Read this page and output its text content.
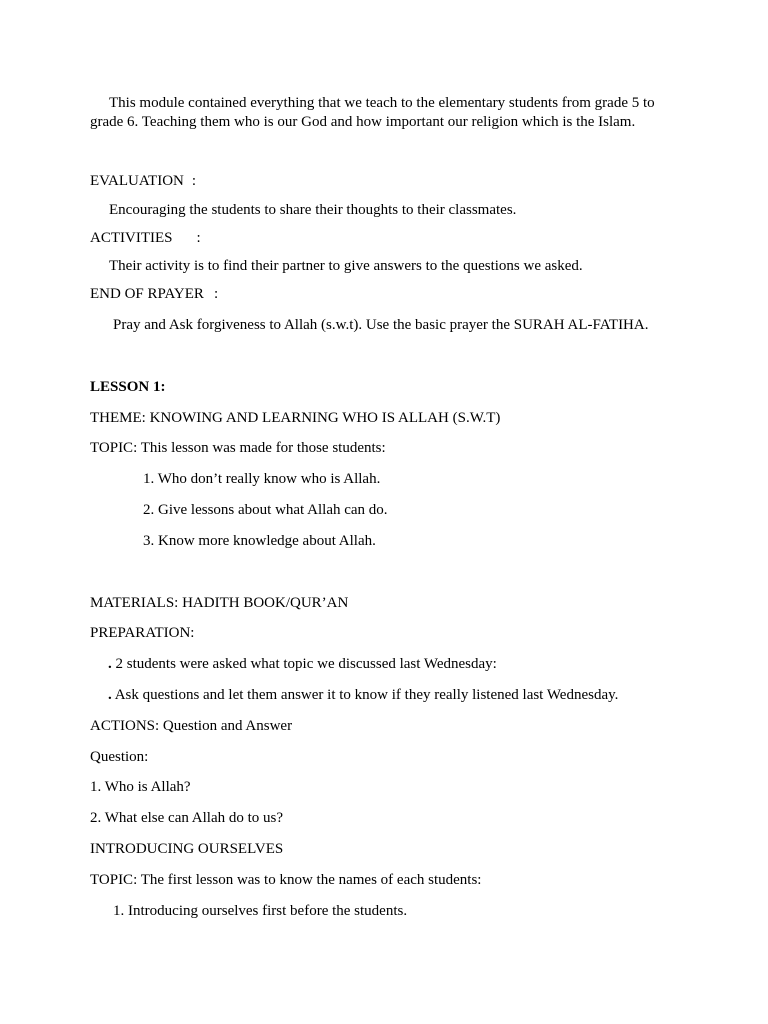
This module contained everything that we teach to the elementary students from grade 5 to
grade 6. Teaching them who is our God and how important our religion which is the Islam.
EVALUATION :
Encouraging the students to share their thoughts to their classmates.
ACTIVITIES :
Their activity is to find their partner to give answers to the questions we asked.
END OF RPAYER :
Pray and Ask forgiveness to Allah (s.w.t). Use the basic prayer the SURAH AL-FATIHA.
LESSON 1:
THEME: KNOWING AND LEARNING WHO IS ALLAH (S.W.T)
TOPIC: This lesson was made for those students:
1. Who don’t really know who is Allah.
2. Give lessons about what Allah can do.
3. Know more knowledge about Allah.
MATERIALS: HADITH BOOK/QUR’AN
PREPARATION:
. 2 students were asked what topic we discussed last Wednesday:
. Ask questions and let them answer it to know if they really listened last Wednesday.
ACTIONS: Question and Answer
Question:
1. Who is Allah?
2. What else can Allah do to us?
INTRODUCING OURSELVES
TOPIC: The first lesson was to know the names of each students:
1. Introducing ourselves first before the students.
